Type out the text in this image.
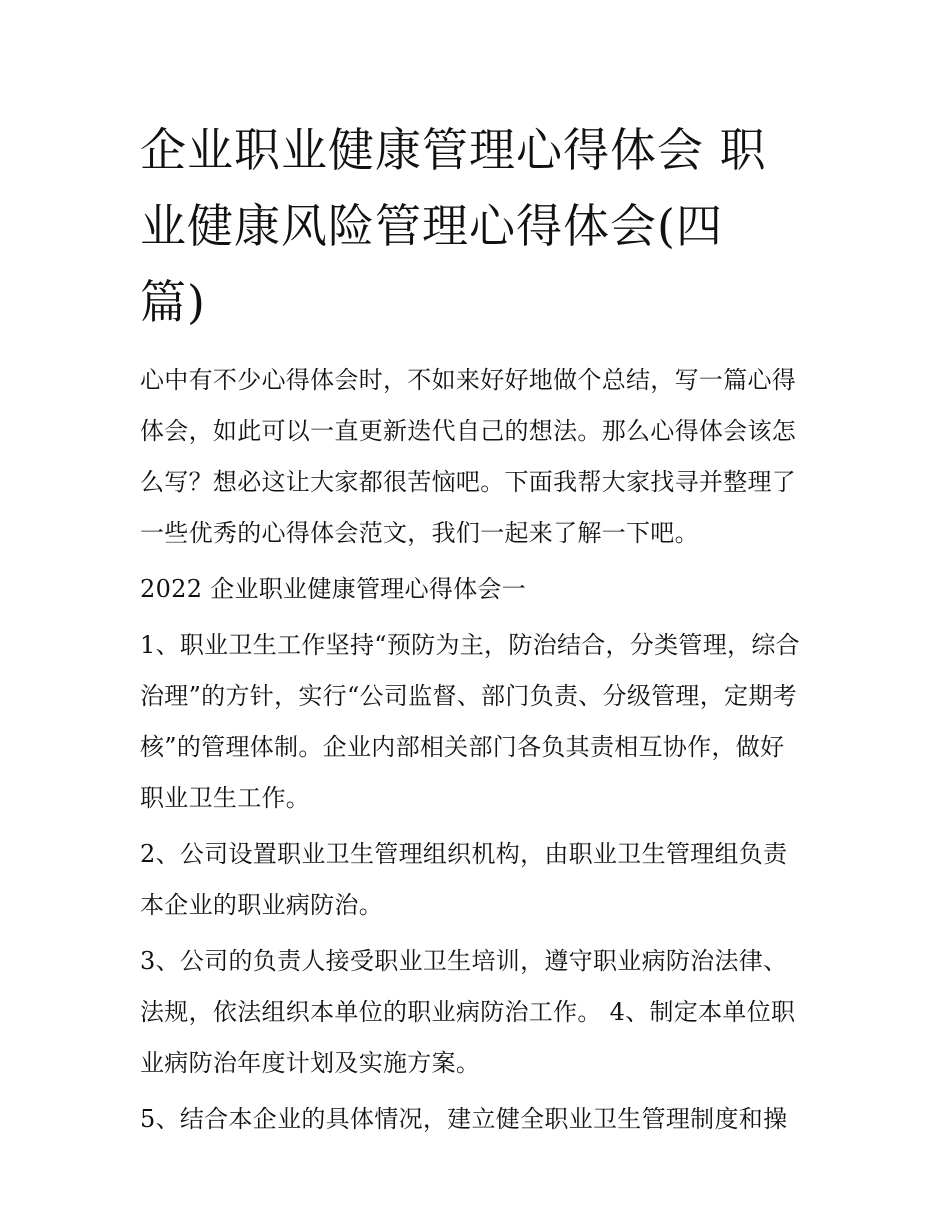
企业职业健康管理心得体会 职
业健康风险管理心得体会(四
篇)

心中有不少心得体会时，不如来好好地做个总结，写一篇心得
体会，如此可以一直更新迭代自己的想法。那么心得体会该怎
么写？想必这让大家都很苦恼吧。下面我帮大家找寻并整理了
一些优秀的心得体会范文，我们一起来了解一下吧。

2022 企业职业健康管理心得体会一

1、职业卫生工作坚持“预防为主，防治结合，分类管理，综合
治理”的方针，实行“公司监督、部门负责、分级管理，定期考
核”的管理体制。企业内部相关部门各负其责相互协作，做好
职业卫生工作。

2、公司设置职业卫生管理组织机构，由职业卫生管理组负责
本企业的职业病防治。

3、公司的负责人接受职业卫生培训，遵守职业病防治法律、
法规，依法组织本单位的职业病防治工作。 4、制定本单位职
业病防治年度计划及实施方案。

5、结合本企业的具体情况，建立健全职业卫生管理制度和操
